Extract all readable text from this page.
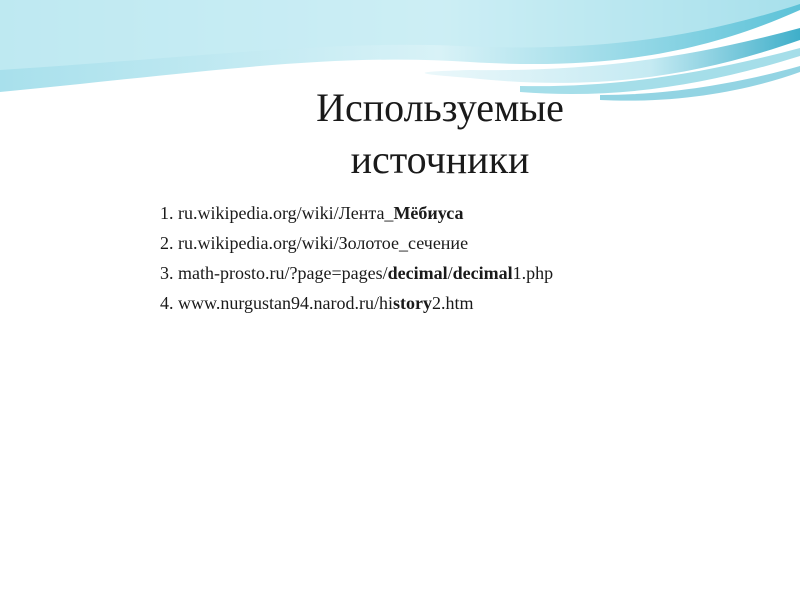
Используемые
источники
1. ru.wikipedia.org/wiki/Лента_Мёбиуса
2. ru.wikipedia.org/wiki/Золотое_сечение
3. math-prosto.ru/?page=pages/decimal/decimal1.php
4. www.nurgustan94.narod.ru/history2.htm
